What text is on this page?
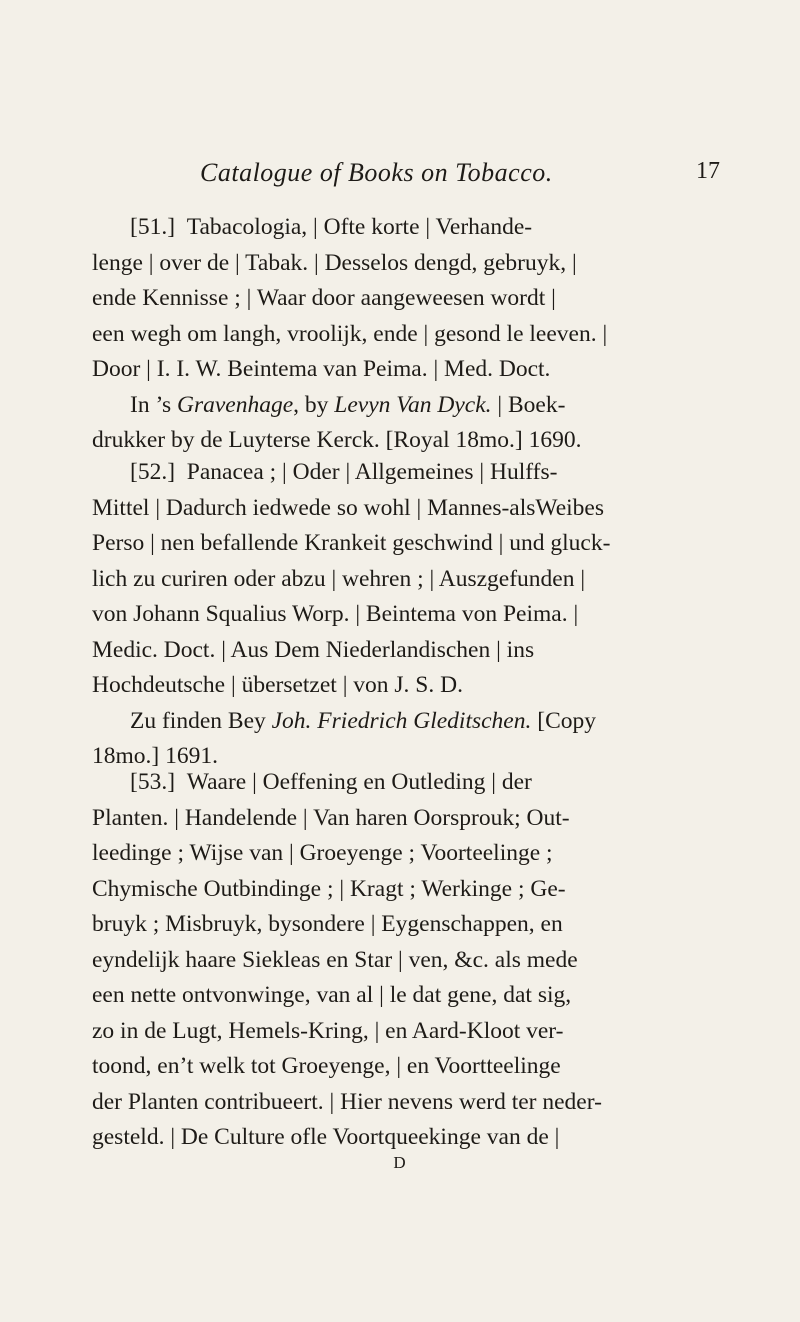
Catalogue of Books on Tobacco.	17
[51.] Tabacologia, | Ofte korte | Verhande-
lenge | over de | Tabak. | Desselos dengd, gebruyk, |
ende Kennisse ; | Waar door aangeweesen wordt |
een wegh om langh, vroolijk, ende | gesond le leeven. |
Door | I. I. W. Beintema van Peima. | Med. Doct.
In ’s Gravenhage, by Levyn Van Dyck. | Boek-
drukker by de Luyterse Kerck. [Royal 18mo.] 1690.
[52.] Panacea ; | Oder | Allgemeines | Hulffs-
Mittel | Dadurch iedwede so wohl | Mannes-alsWeibes
Perso | nen befallende Krankeit geschwind | und gluck-
lich zu curiren oder abzu | wehren ; | Auszgefunden |
von Johann Squalius Worp. | Beintema von Peima. |
Medic. Doct. | Aus Dem Niederlandischen | ins
Hochdeutsche | übersetzet | von J. S. D.
Zu finden Bey Joh. Friedrich Gleditschen. [Copy
18mo.] 1691.
[53.] Waare | Oeffening en Outleding | der
Planten. | Handelende | Van haren Oorsprouk; Out-
leedinge ; Wijse van | Groeyenge ; Voorteelinge ;
Chymische Outbindinge ; | Kragt ; Werkinge ; Ge-
bruyk ; Misbruyk, bysondere | Eygenschappen, en
eyndelijk haare Siekleas en Star | ven, &c. als mede
een nette ontvonwinge, van al | le dat gene, dat sig,
zo in de Lugt, Hemels-Kring, | en Aard-Kloot ver-
toond, en’t welk tot Groeyenge, | en Voortteelinge
der Planten contribueert. | Hier nevens werd ter neder-
gesteld. | De Culture ofle Voortqueekinge van de |
D
